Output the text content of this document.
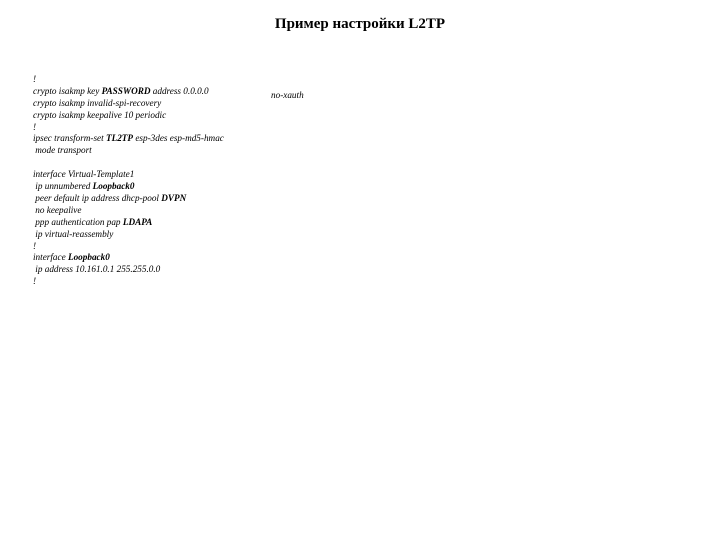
Пример настройки L2TP
!
crypto isakmp key PASSWORD address 0.0.0.0
crypto isakmp invalid-spi-recovery
crypto isakmp keepalive 10 periodic
!
ipsec transform-set TL2TP esp-3des esp-md5-hmac
mode transport
interface Virtual-Template1
ip unnumbered Loopback0
peer default ip address dhcp-pool DVPN
no keepalive
ppp authentication pap LDAPA
ip virtual-reassembly
!
interface Loopback0
ip address 10.161.0.1 255.255.0.0
!
no-xauth
